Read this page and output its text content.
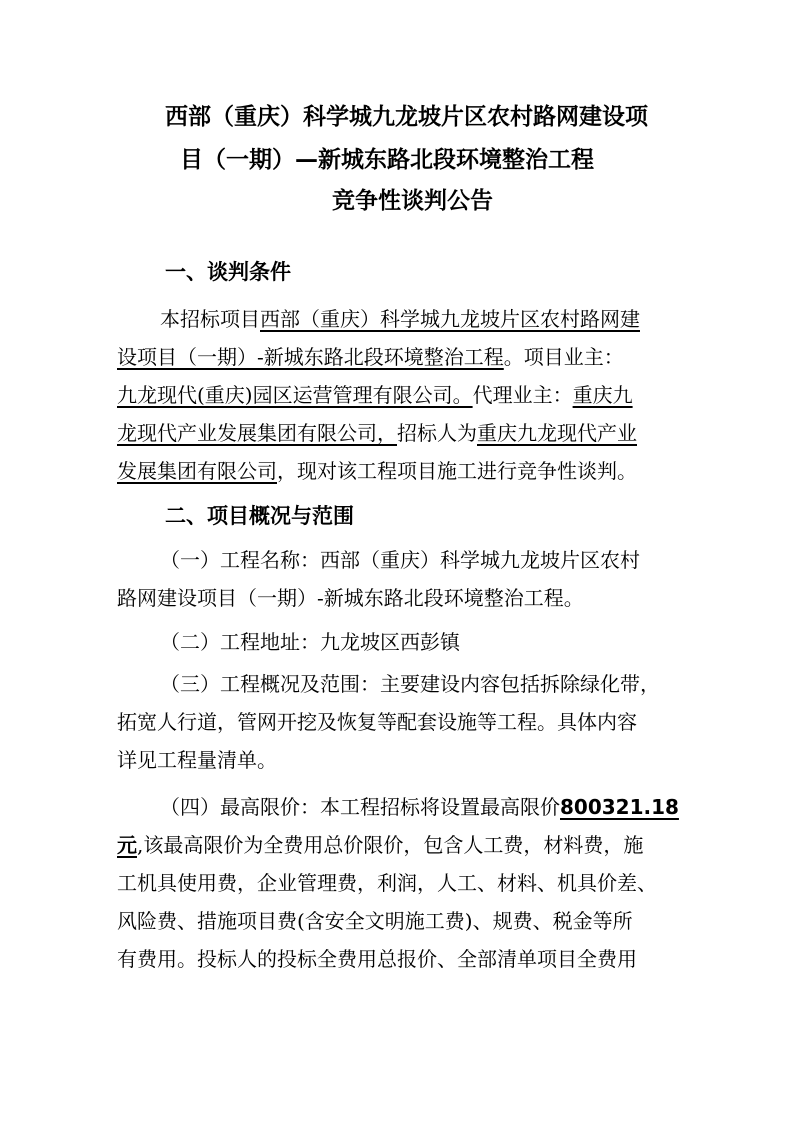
西部（重庆）科学城九龙坡片区农村路网建设项
目（一期）—新城东路北段环境整治工程
竞争性谈判公告
一、谈判条件
本招标项目西部（重庆）科学城九龙坡片区农村路网建
设项目（一期）-新城东路北段环境整治工程。项目业主：
九龙现代(重庆)园区运营管理有限公司。代理业主：重庆九
龙现代产业发展集团有限公司，招标人为重庆九龙现代产业
发展集团有限公司，现对该工程项目施工进行竞争性谈判。
二、项目概况与范围
（一）工程名称：西部（重庆）科学城九龙坡片区农村
路网建设项目（一期）-新城东路北段环境整治工程。
（二）工程地址：九龙坡区西彭镇
（三）工程概况及范围：主要建设内容包括拆除绿化带，
拓宽人行道，管网开挖及恢复等配套设施等工程。具体内容
详见工程量清单。
（四）最高限价：本工程招标将设置最高限价800321.18
元,该最高限价为全费用总价限价，包含人工费，材料费，施
工机具使用费，企业管理费，利润，人工、材料、机具价差、
风险费、措施项目费(含安全文明施工费)、规费、税金等所
有费用。投标人的投标全费用总报价、全部清单项目全费用
